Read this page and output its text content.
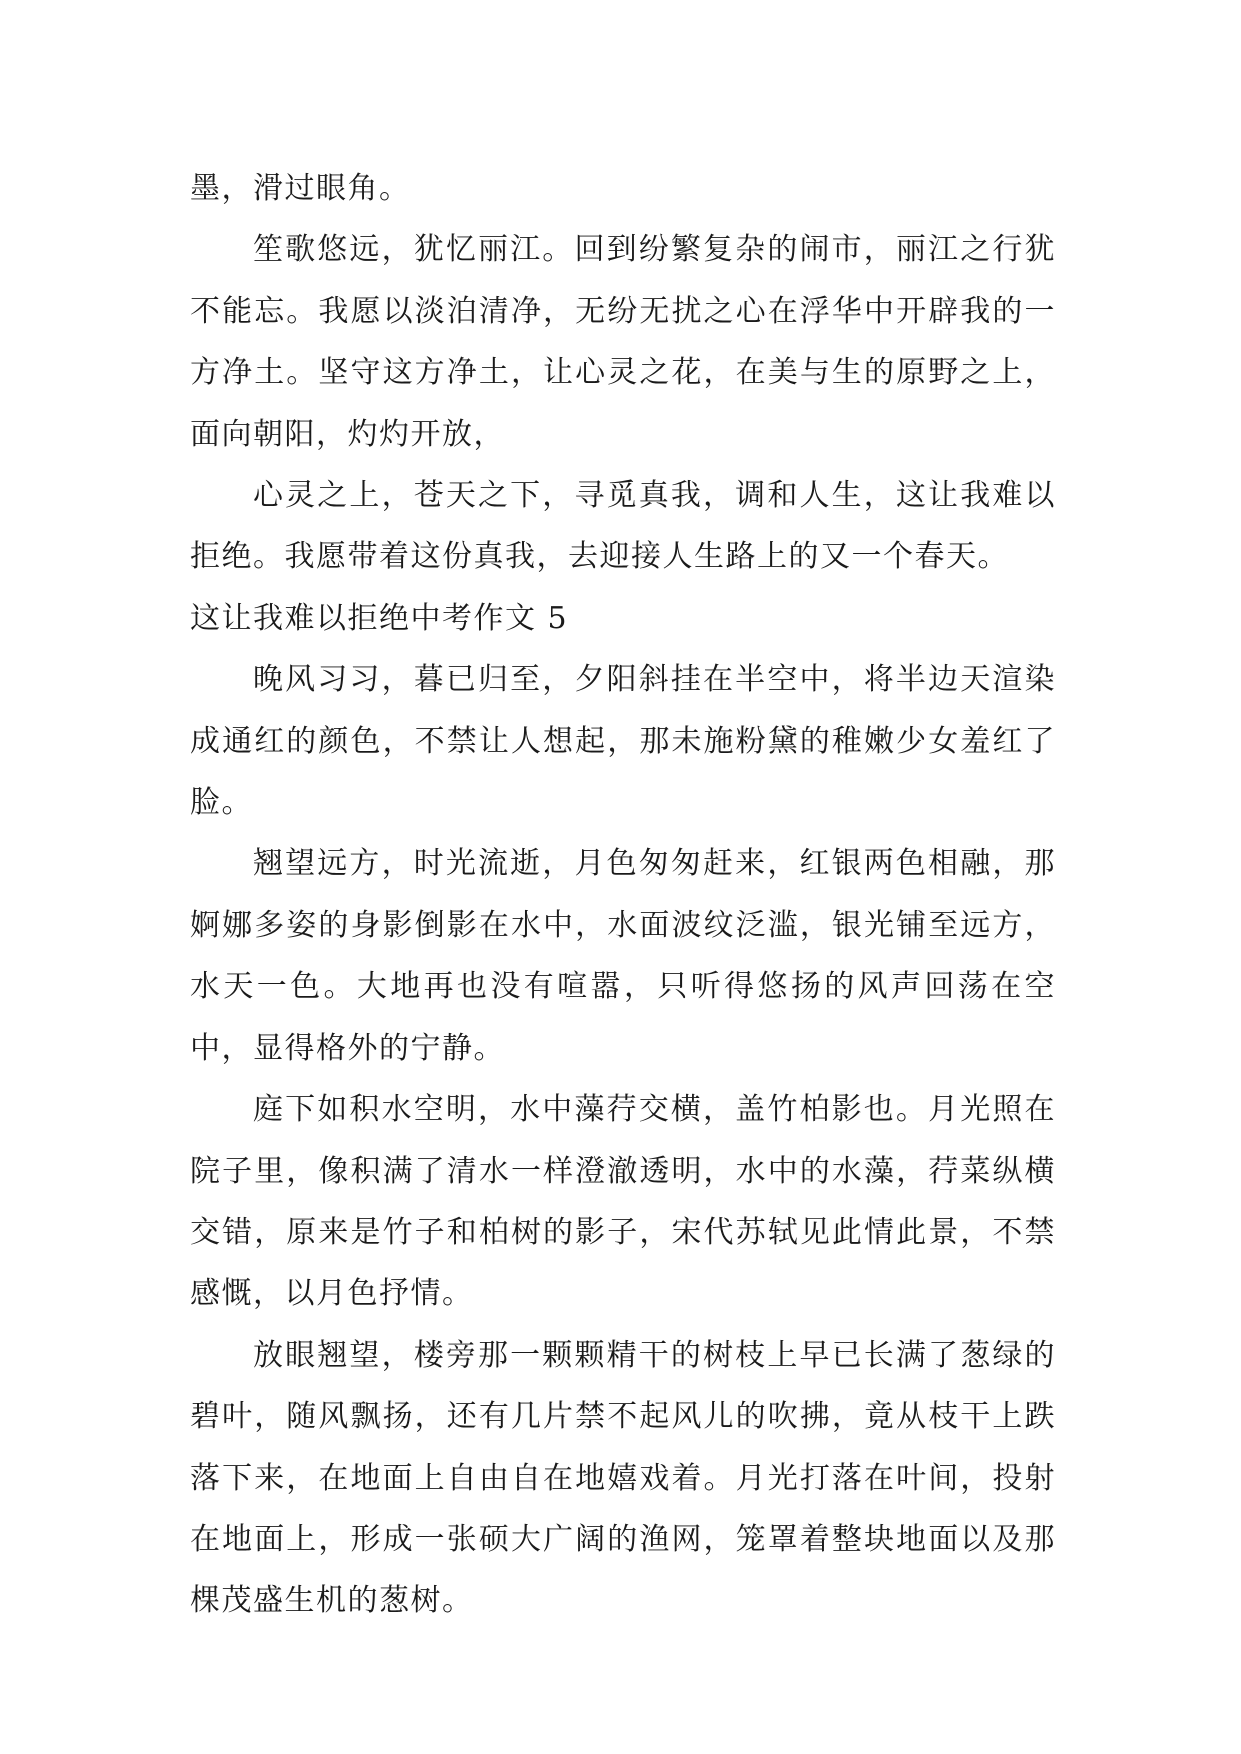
墨，滑过眼角。

笙歌悠远，犹忆丽江。回到纷繁复杂的闹市，丽江之行犹不能忘。我愿以淡泊清净，无纷无扰之心在浮华中开辟我的一方净土。坚守这方净土，让心灵之花，在美与生的原野之上，面向朝阳，灼灼开放，

心灵之上，苍天之下，寻觅真我，调和人生，这让我难以拒绝。我愿带着这份真我，去迎接人生路上的又一个春天。

这让我难以拒绝中考作文 5

晚风习习，暮已归至，夕阳斜挂在半空中，将半边天渲染成通红的颜色，不禁让人想起，那未施粉黛的稚嫩少女羞红了脸。

翘望远方，时光流逝，月色匆匆赶来，红银两色相融，那婀娜多姿的身影倒影在水中，水面波纹泛滥，银光铺至远方，水天一色。大地再也没有喧嚣，只听得悠扬的风声回荡在空中，显得格外的宁静。

庭下如积水空明，水中藻荇交横，盖竹柏影也。月光照在院子里，像积满了清水一样澄澈透明，水中的水藻，荇菜纵横交错，原来是竹子和柏树的影子，宋代苏轼见此情此景，不禁感慨，以月色抒情。

放眼翘望，楼旁那一颗颗精干的树枝上早已长满了葱绿的碧叶，随风飘扬，还有几片禁不起风儿的吹拂，竟从枝干上跌落下来，在地面上自由自在地嬉戏着。月光打落在叶间，投射在地面上，形成一张硕大广阔的渔网，笼罩着整块地面以及那棵茂盛生机的葱树。
